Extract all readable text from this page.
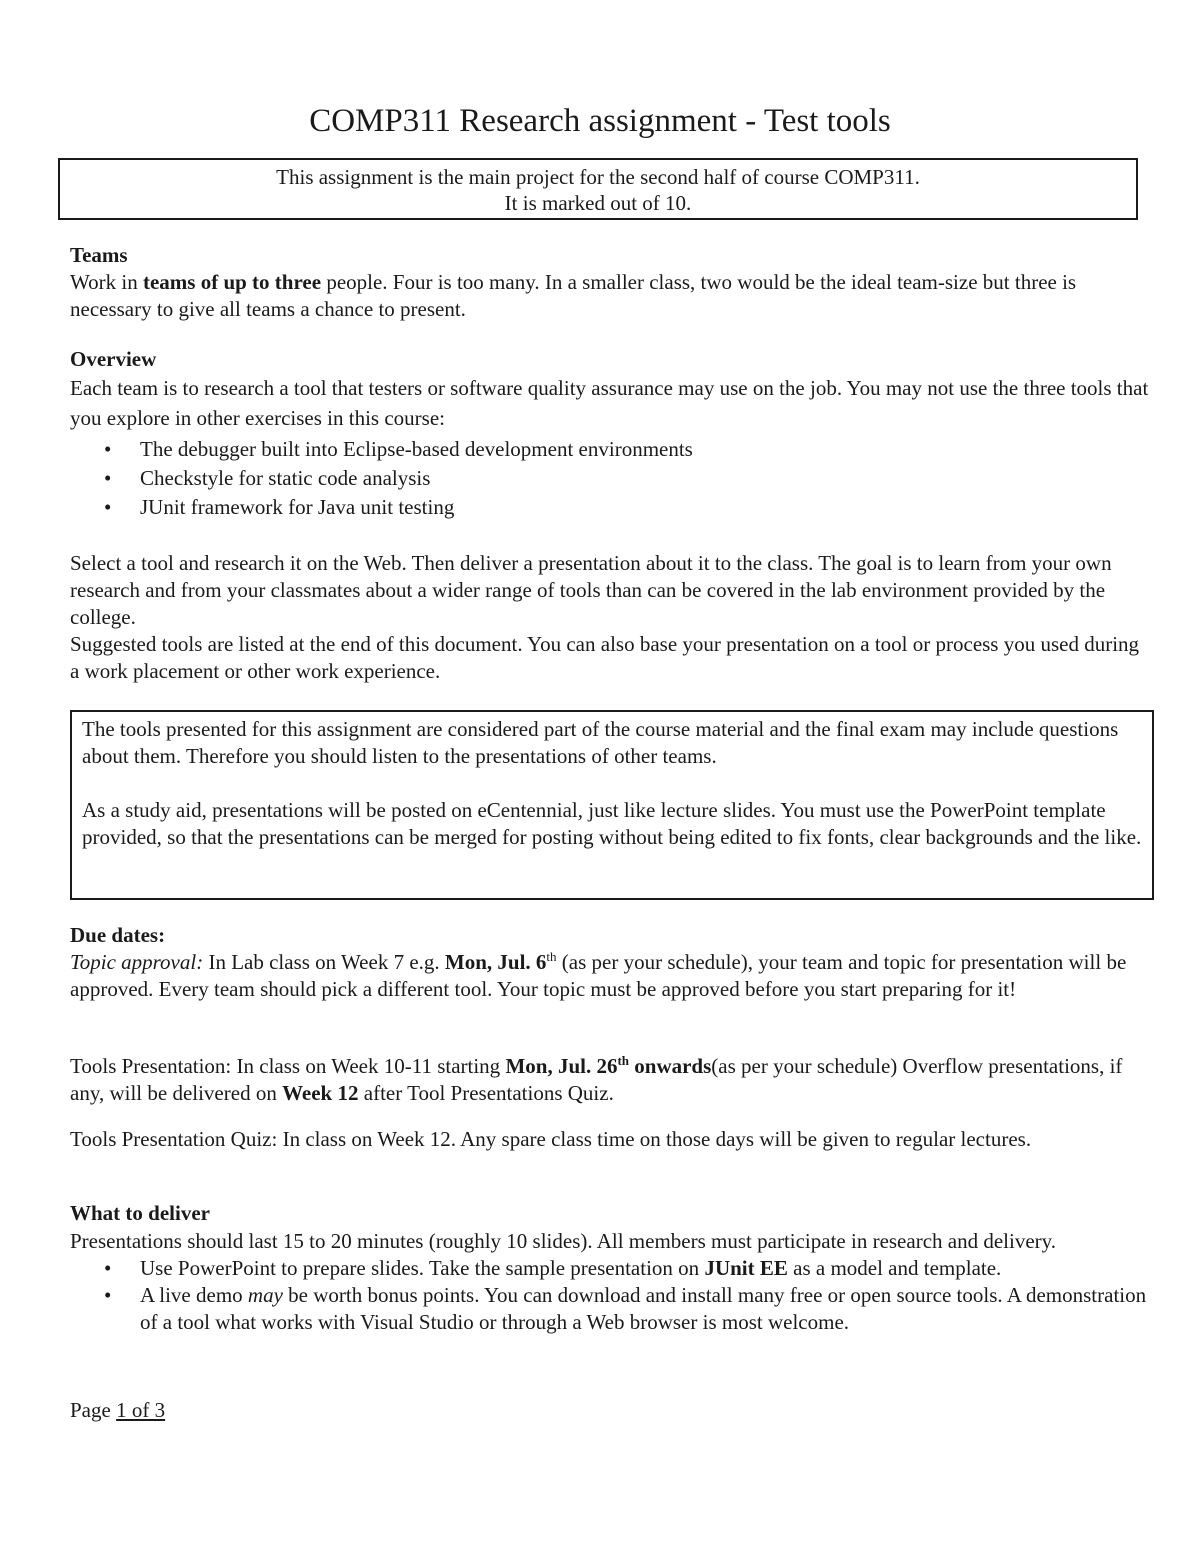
COMP311 Research assignment - Test tools
This assignment is the main project for the second half of course COMP311.
It is marked out of 10.
Teams

Work in teams of up to three people. Four is too many. In a smaller class, two would be the ideal team-size but three is necessary to give all teams a chance to present.

Overview

Each team is to research a tool that testers or software quality assurance may use on the job. You may not use the three tools that you explore in other exercises in this course:

• The debugger built into Eclipse-based development environments
• Checkstyle for static code analysis
• JUnit framework for Java unit testing

Select a tool and research it on the Web. Then deliver a presentation about it to the class. The goal is to learn from your own research and from your classmates about a wider range of tools than can be covered in the lab environment provided by the college.

Suggested tools are listed at the end of this document. You can also base your presentation on a tool or process you used during a work placement or other work experience.

The tools presented for this assignment are considered part of the course material and the final exam may include questions about them. Therefore you should listen to the presentations of other teams.

As a study aid, presentations will be posted on eCentennial, just like lecture slides. You must use the PowerPoint template provided, so that the presentations can be merged for posting without being edited to fix fonts, clear backgrounds and the like.

Due dates:

Topic approval: In Lab class on Week 7 e.g. Mon, Jul. 6th (as per your schedule), your team and topic for presentation will be approved. Every team should pick a different tool. Your topic must be approved before you start preparing for it!

Tools Presentation: In class on Week 10-11 starting Mon, Jul. 26th onwards(as per your schedule) Overflow presentations, if any, will be delivered on Week 12 after Tool Presentations Quiz.

Tools Presentation Quiz: In class on Week 12. Any spare class time on those days will be given to regular lectures.

What to deliver

Presentations should last 15 to 20 minutes (roughly 10 slides). All members must participate in research and delivery.

• Use PowerPoint to prepare slides. Take the sample presentation on JUnit EE as a model and template.
• A live demo may be worth bonus points. You can download and install many free or open source tools. A demonstration of a tool what works with Visual Studio or through a Web browser is most welcome.

Page 1 of 3
